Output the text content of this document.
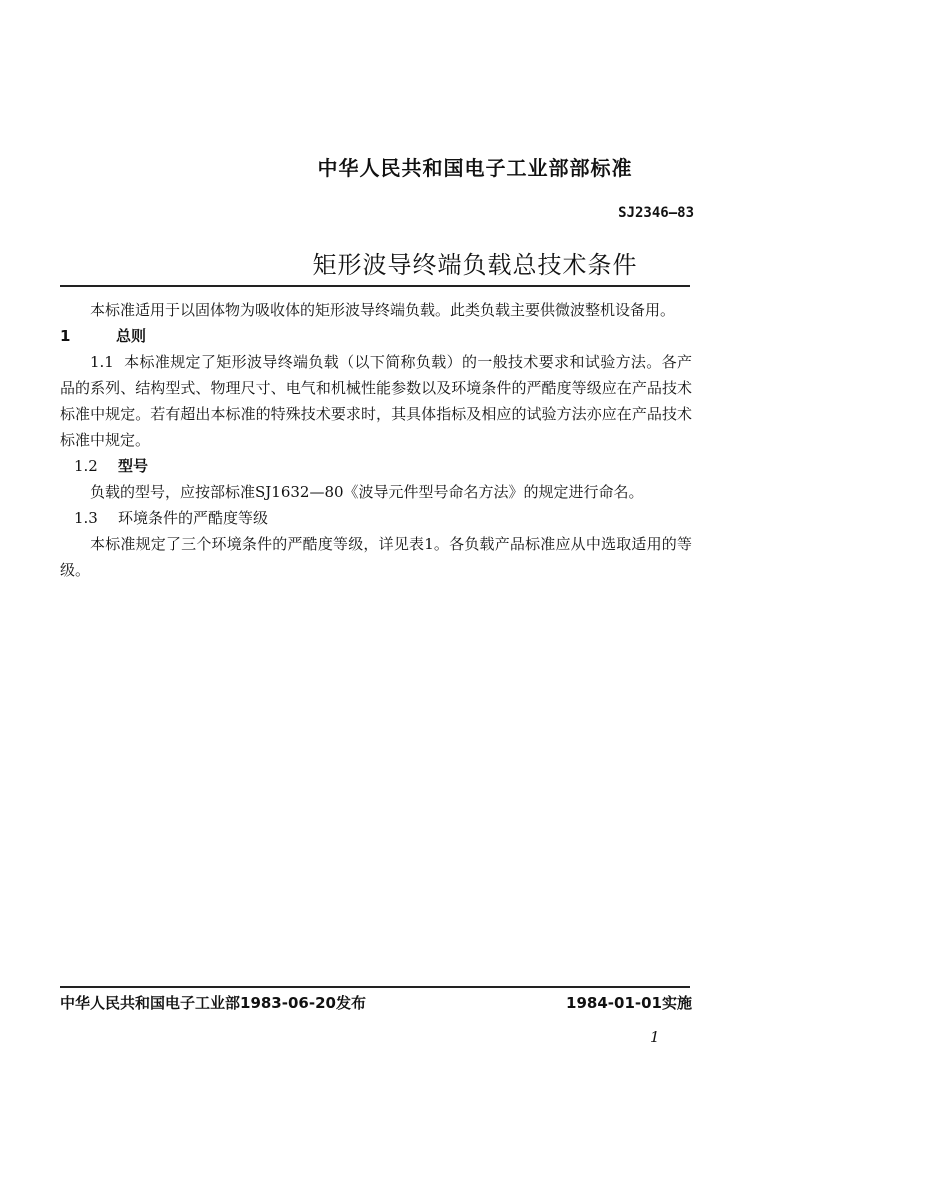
中华人民共和国电子工业部部标准
SJ2346—83
矩形波导终端负载总技术条件

本标准适用于以固体物为吸收体的矩形波导终端负载。此类负载主要供微波整机设备用。

1	总则

1.1 本标准规定了矩形波导终端负载（以下简称负载）的一般技术要求和试验方法。各产品的系列、结构型式、物理尺寸、电气和机械性能参数以及环境条件的严酷度等级应在产品技术标准中规定。若有超出本标准的特殊技术要求时，其具体指标及相应的试验方法亦应在产品技术标准中规定。

1.2 型号

负载的型号，应按部标准SJ1632—80《波导元件型号命名方法》的规定进行命名。

1.3 环境条件的严酷度等级

本标准规定了三个环境条件的严酷度等级，详见表1。各负载产品标准应从中选取适用的等级。

中华人民共和国电子工业部1983-06-20发布	1984-01-01实施
1
